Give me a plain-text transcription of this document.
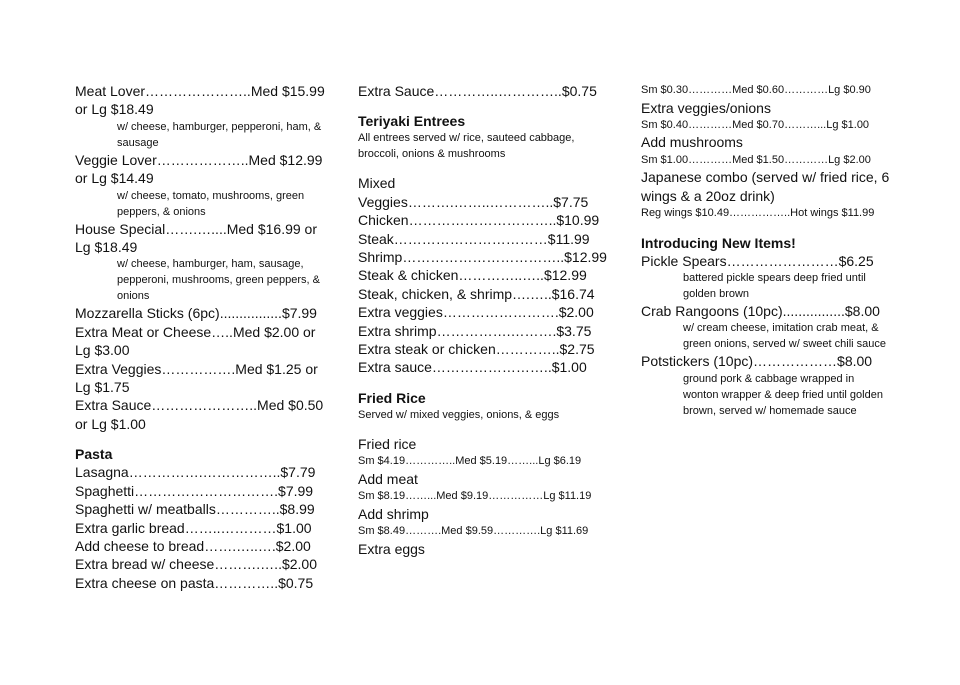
Meat Lover…………………..Med $15.99 or Lg $18.49
w/ cheese, hamburger, pepperoni, ham, & sausage
Veggie Lover………………..Med $12.99 or Lg $14.49
w/ cheese, tomato, mushrooms, green peppers, & onions
House Special…….…....Med $16.99 or Lg $18.49
w/ cheese, hamburger, ham, sausage, pepperoni, mushrooms, green peppers, & onions
Mozzarella Sticks (6pc)................$7.99
Extra Meat or Cheese…..Med $2.00 or Lg $3.00
Extra Veggies…………….Med $1.25 or Lg $1.75
Extra Sauce…………………..Med $0.50 or Lg $1.00
Pasta
Lasagna…………….……………..$7.79
Spaghetti………………………….$7.99
Spaghetti w/ meatballs…………..$8.99
Extra garlic bread……..…………$1.00
Add cheese to bread…….…..….$2.00
Extra bread w/ cheese……….…..$2.00
Extra cheese on pasta…………..$0.75
Extra Sauce…………..…………..$0.75
Teriyaki Entrees
All entrees served w/ rice, sauteed cabbage, broccoli, onions & mushrooms
Mixed
Veggies……….……..…………..$7.75
Chicken…………………………..$10.99
Steak……………………………$11.99
Shrimp……………………………..$12.99
Steak & chicken…………..…..$12.99
Steak, chicken, & shrimp….…..$16.74
Extra veggies…………………….$2.00
Extra shrimp…………….……….$3.75
Extra steak or chicken…………..$2.75
Extra sauce……………………..$1.00
Fried Rice
Served w/ mixed veggies, onions, & eggs
Fried rice
Sm $4.19…………..Med $5.19……...Lg $6.19
Add meat
Sm $8.19……...Med $9.19……………Lg $11.19
Add shrimp
Sm $8.49……….Med $9.59………….Lg $11.69
Extra eggs
Sm $0.30…………Med $0.60…………Lg $0.90
Extra veggies/onions
Sm $0.40…………Med $0.70………...Lg $1.00
Add mushrooms
Sm $1.00…………Med $1.50…………Lg $2.00
Japanese combo (served w/ fried rice, 6 wings & a 20oz drink)
Reg wings $10.49……………..Hot wings $11.99
Introducing New Items!
Pickle Spears……………………$6.25
battered pickle spears deep fried until golden brown
Crab Rangoons (10pc)................$8.00
w/ cream cheese, imitation crab meat, & green onions, served w/ sweet chili sauce
Potstickers (10pc)………………$8.00
ground pork & cabbage wrapped in wonton wrapper & deep fried until golden brown, served w/ homemade sauce
